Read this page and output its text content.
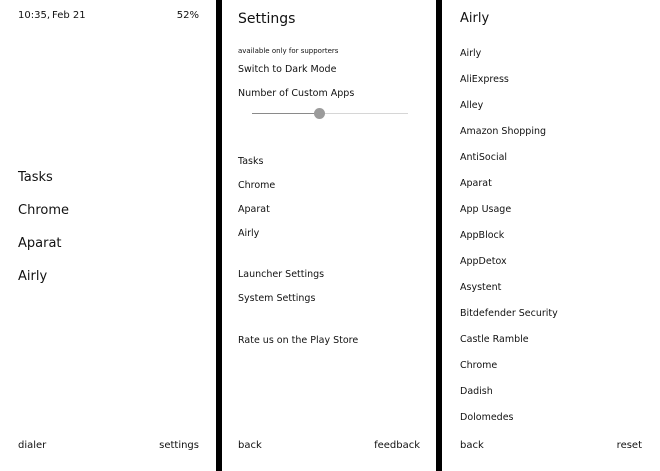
10:35, Feb 21	52%
Tasks
Chrome
Aparat
Airly
dialer	settings
Settings
available only for supporters
Switch to Dark Mode
Number of Custom Apps
Tasks
Chrome
Aparat
Airly
Launcher Settings
System Settings
Rate us on the Play Store
back	feedback
Airly
Airly
AliExpress
Alley
Amazon Shopping
AntiSocial
Aparat
App Usage
AppBlock
AppDetox
Asystent
Bitdefender Security
Castle Ramble
Chrome
Dadish
Dolomedes
back	reset
